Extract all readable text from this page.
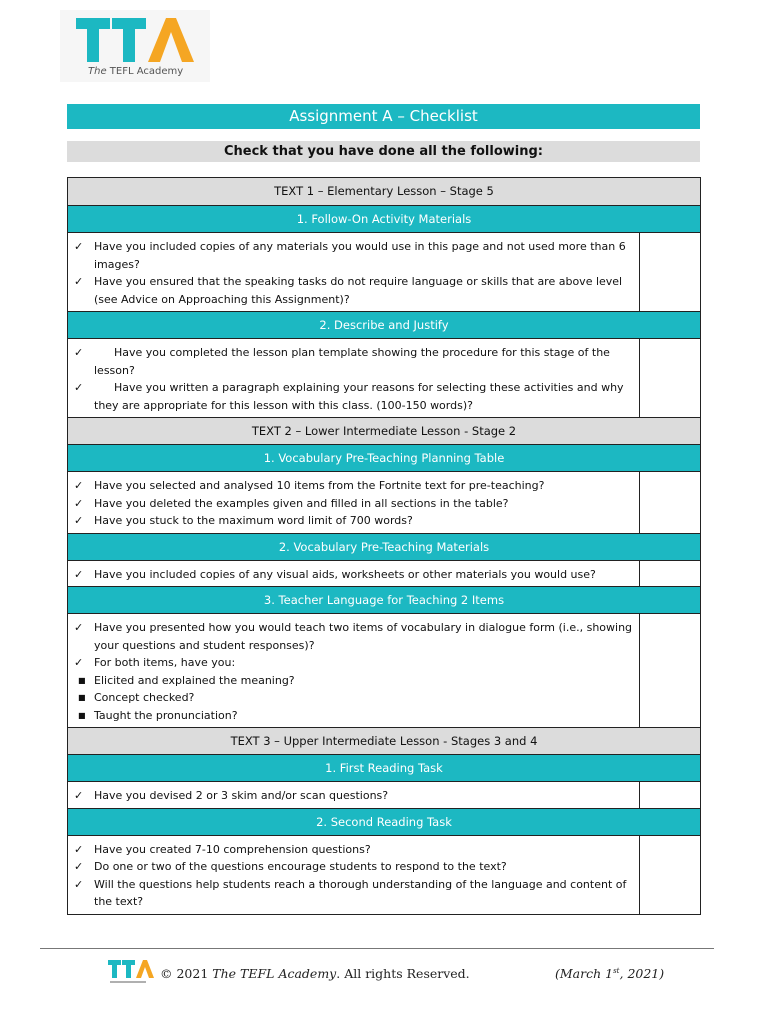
The TEFL Academy
Assignment A – Checklist
Check that you have done all the following:
TEXT 1 – Elementary Lesson – Stage 5
1. Follow-On Activity Materials
✓ Have you included copies of any materials you would use in this page and not used more than 6 images?
✓ Have you ensured that the speaking tasks do not require language or skills that are above level (see Advice on Approaching this Assignment)?
2. Describe and Justify
✓	Have you completed the lesson plan template showing the procedure for this stage of the lesson?
✓	Have you written a paragraph explaining your reasons for selecting these activities and why they are appropriate for this lesson with this class. (100-150 words)?
TEXT 2 – Lower Intermediate Lesson - Stage 2
1. Vocabulary Pre-Teaching Planning Table
✓ Have you selected and analysed 10 items from the Fortnite text for pre-teaching?
✓ Have you deleted the examples given and filled in all sections in the table?
✓ Have you stuck to the maximum word limit of 700 words?
2. Vocabulary Pre-Teaching Materials
✓ Have you included copies of any visual aids, worksheets or other materials you would use?
3. Teacher Language for Teaching 2 Items
✓ Have you presented how you would teach two items of vocabulary in dialogue form (i.e., showing your questions and student responses)?
✓ For both items, have you:
■ Elicited and explained the meaning?
■ Concept checked?
■ Taught the pronunciation?
TEXT 3 – Upper Intermediate Lesson - Stages 3 and 4
1. First Reading Task
✓ Have you devised 2 or 3 skim and/or scan questions?
2. Second Reading Task
✓ Have you created 7-10 comprehension questions?
✓ Do one or two of the questions encourage students to respond to the text?
✓ Will the questions help students reach a thorough understanding of the language and content of the text?
© 2021 The TEFL Academy. All rights Reserved.	(March 1st, 2021)
